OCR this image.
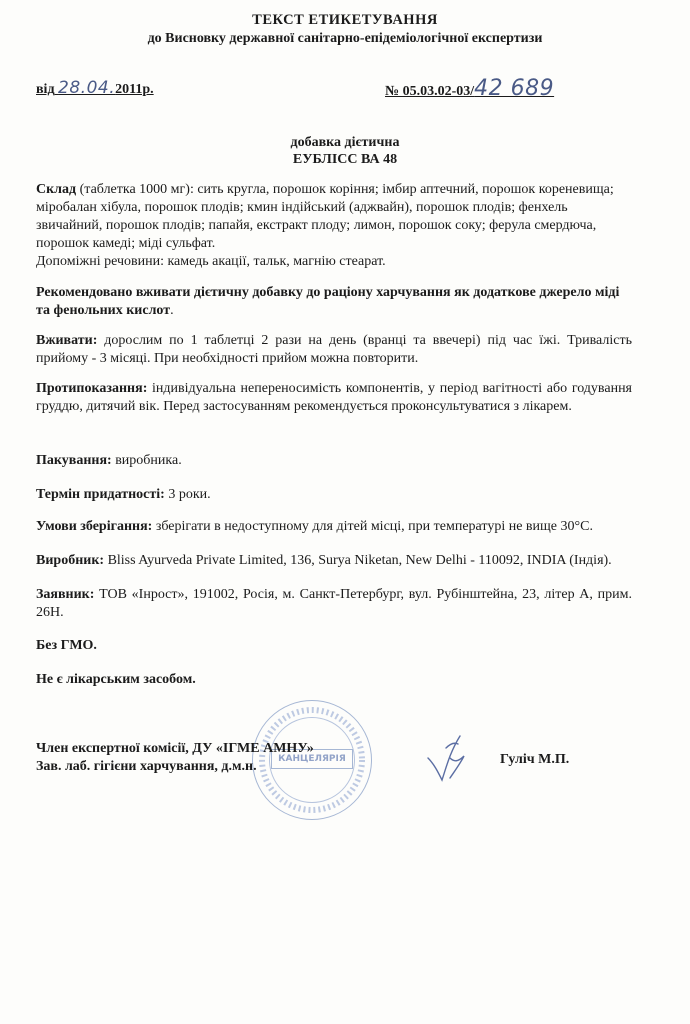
ТЕКСТ ЕТИКЕТУВАННЯ
до Висновку державної санітарно-епідеміологічної експертизи
від 28.04.2011р.	№ 05.03.02-03/42 689
добавка дієтична
ЕУБЛІСС ВА 48
Склад (таблетка 1000 мг): сить кругла, порошок коріння; імбир аптечний, порошок кореневища; міробалан хібула, порошок плодів; кмин індійський (аджвайн), порошок плодів; фенхель звичайний, порошок плодів; папайя, екстракт плоду; лимон, порошок соку; ферула смердюча, порошок камеді; міді сульфат.
Допоміжні речовини: камедь акації, тальк, магнію стеарат.
Рекомендовано вживати дієтичну добавку до раціону харчування як додаткове джерело міді та фенольних кислот.
Вживати: дорослим по 1 таблетці 2 рази на день (вранці та ввечері) під час їжі. Тривалість прийому - 3 місяці. При необхідності прийом можна повторити.
Протипоказання: індивідуальна непереносимість компонентів, у період вагітності або годування груддю, дитячий вік. Перед застосуванням рекомендується проконсультуватися з лікарем.
Пакування: виробника.
Термін придатності: 3 роки.
Умови зберігання: зберігати в недоступному для дітей місці, при температурі не вище 30°С.
Виробник: Bliss Ayurveda Private Limited, 136, Surya Niketan, New Delhi - 110092, INDIA (Індія).
Заявник: ТОВ «Інрост», 191002, Росія, м. Санкт-Петербург, вул. Рубінштейна, 23, літер А, прим. 26Н.
Без ГМО.
Не є лікарським засобом.
КАНЦЕЛЯРІЯ
Член експертної комісії, ДУ «ІГМЕ АМНУ»
Зав. лаб. гігієни харчування, д.м.н.	Гуліч М.П.
